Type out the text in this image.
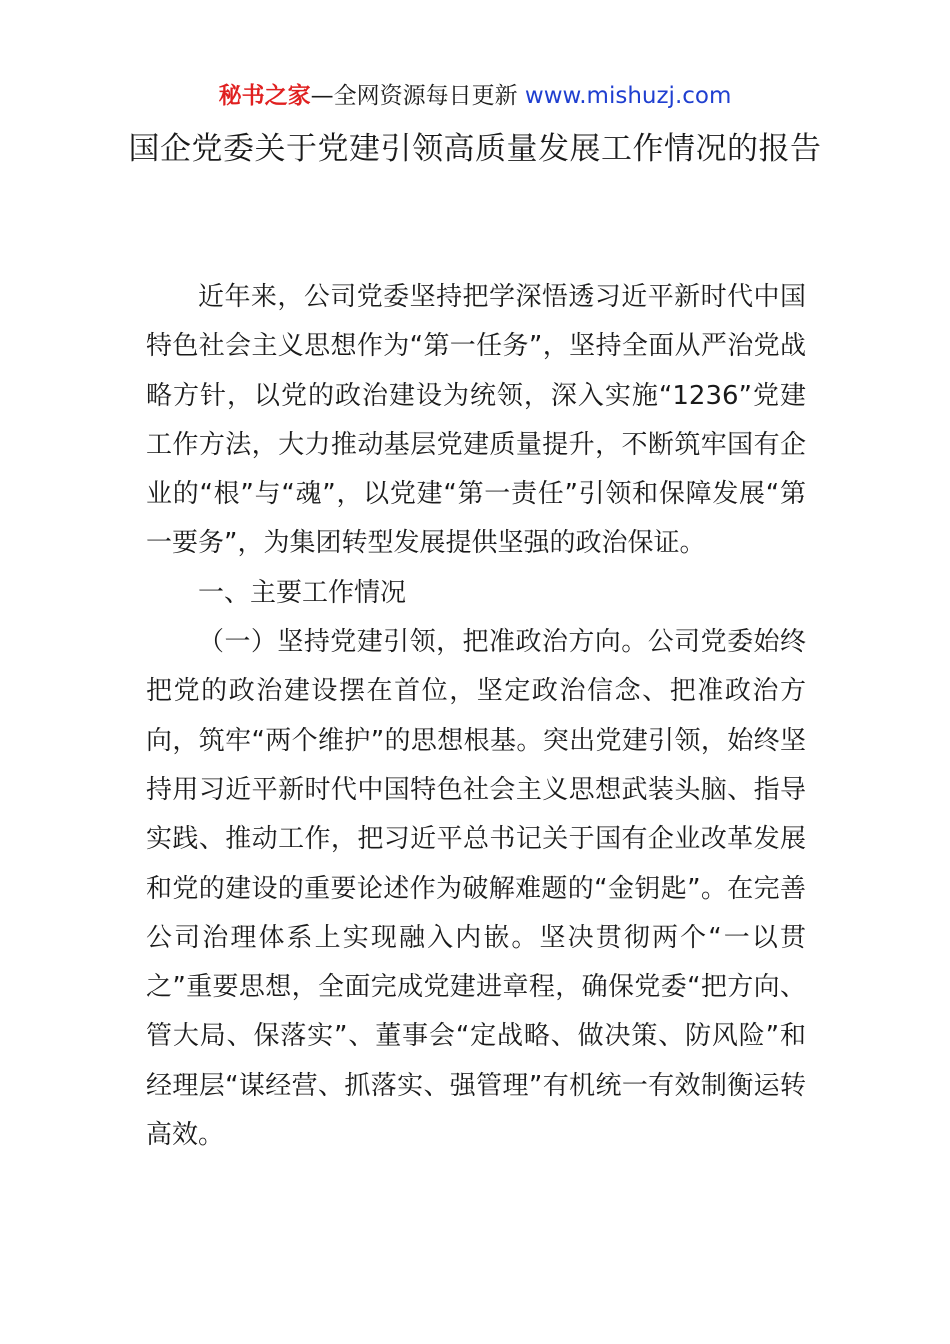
秘书之家—全网资源每日更新 www.mishuzj.com
国企党委关于党建引领高质量发展工作情况的报告

近年来，公司党委坚持把学深悟透习近平新时代中国特色社会主义思想作为“第一任务”，坚持全面从严治党战略方针，以党的政治建设为统领，深入实施“1236”党建工作方法，大力推动基层党建质量提升，不断筑牢国有企业的“根”与“魂”，以党建“第一责任”引领和保障发展“第一要务”，为集团转型发展提供坚强的政治保证。

一、主要工作情况

（一）坚持党建引领，把准政治方向。公司党委始终把党的政治建设摆在首位，坚定政治信念、把准政治方向，筑牢“两个维护”的思想根基。突出党建引领，始终坚持用习近平新时代中国特色社会主义思想武装头脑、指导实践、推动工作，把习近平总书记关于国有企业改革发展和党的建设的重要论述作为破解难题的“金钥匙”。在完善公司治理体系上实现融入内嵌。坚决贯彻两个“一以贯之”重要思想，全面完成党建进章程，确保党委“把方向、管大局、保落实”、董事会“定战略、做决策、防风险”和经理层“谋经营、抓落实、强管理”有机统一有效制衡运转高效。
